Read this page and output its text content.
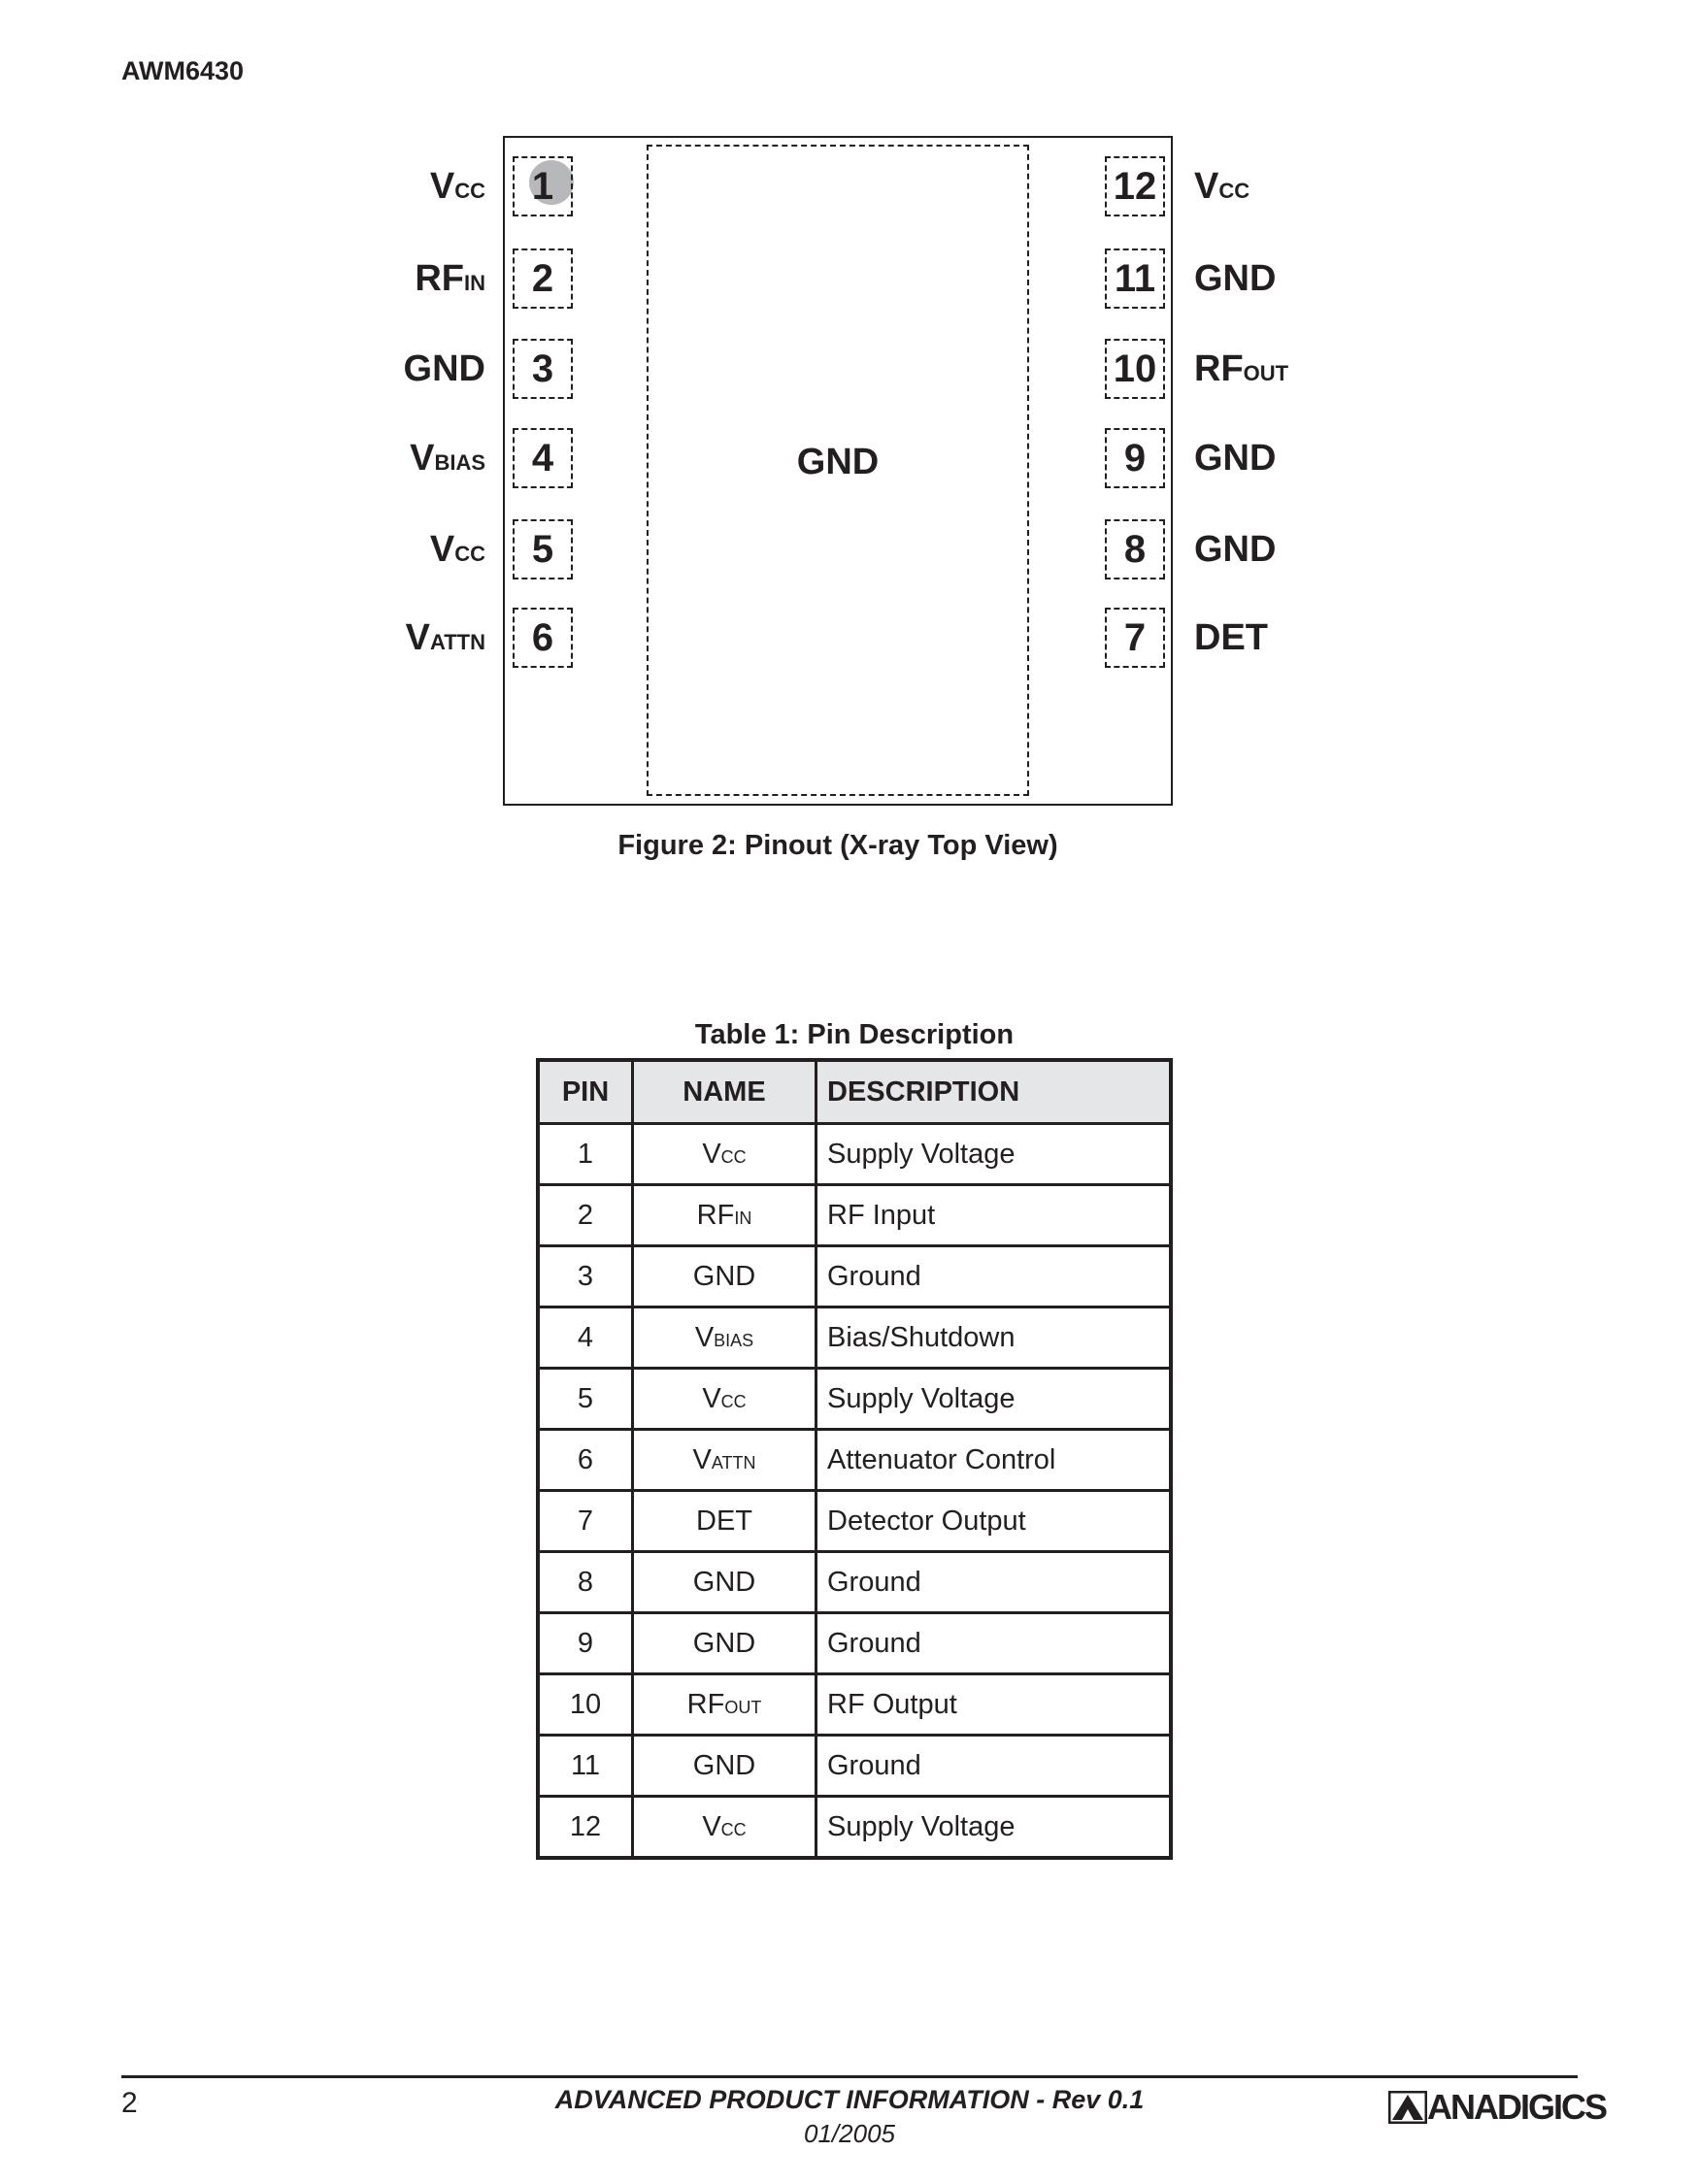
AWM6430
GND
1
VCC
2
RFIN
3
GND
4
VBIAS
5
VCC
6
VATTN
12 VCC
11 GND
10 RFOUT
9	GND
8	GND
7	DET
Figure 2: Pinout (X-ray Top View)
Table 1: Pin Description
PIN	NAME	DESCRIPTION
1	VCC	Supply Voltage
2	RFIN	RF Input
3	GND	Ground
4	VBIAS	Bias/Shutdown
5	VCC	Supply Voltage
6	VATTN	Attenuator Control
7	DET	Detector Output
8	GND	Ground
9	GND	Ground
10	RFOUT	RF Output
11	GND	Ground
12	VCC	Supply Voltage
2	ADVANCED PRODUCT INFORMATION - Rev 0.1
01/2005
ANADIGICS
